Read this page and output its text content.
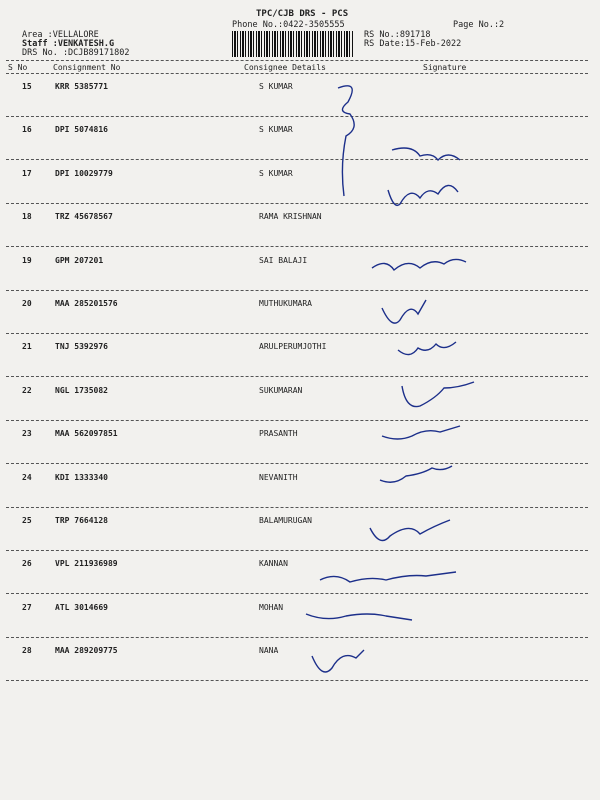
TPC/CJB DRS - PCS
Phone No.:0422-3505555	Page No.:2
Area :VELLALORE
Staff :VENKATESH.G
DRS No. :DCJB89171802
RS No.:891718
RS Date:15-Feb-2022
S No	Consignment No	Consignee Details	Signature
15	KRR 5385771	S KUMAR
16	DPI 5074816	S KUMAR
17	DPI 10029779	S KUMAR
18	TRZ 45678567	RAMA KRISHNAN
19	GPM 207201	SAI BALAJI
20	MAA 285201576	MUTHUKUMARA
21	TNJ 5392976	ARULPERUMJOTHI
22	NGL 1735082	SUKUMARAN
23	MAA 562097851	PRASANTH
24	KDI 1333340	NEVANITH
25	TRP 7664128	BALAMURUGAN
26	VPL 211936989	KANNAN
27	ATL 3014669	MOHAN
28	MAA 289209775	NANA
